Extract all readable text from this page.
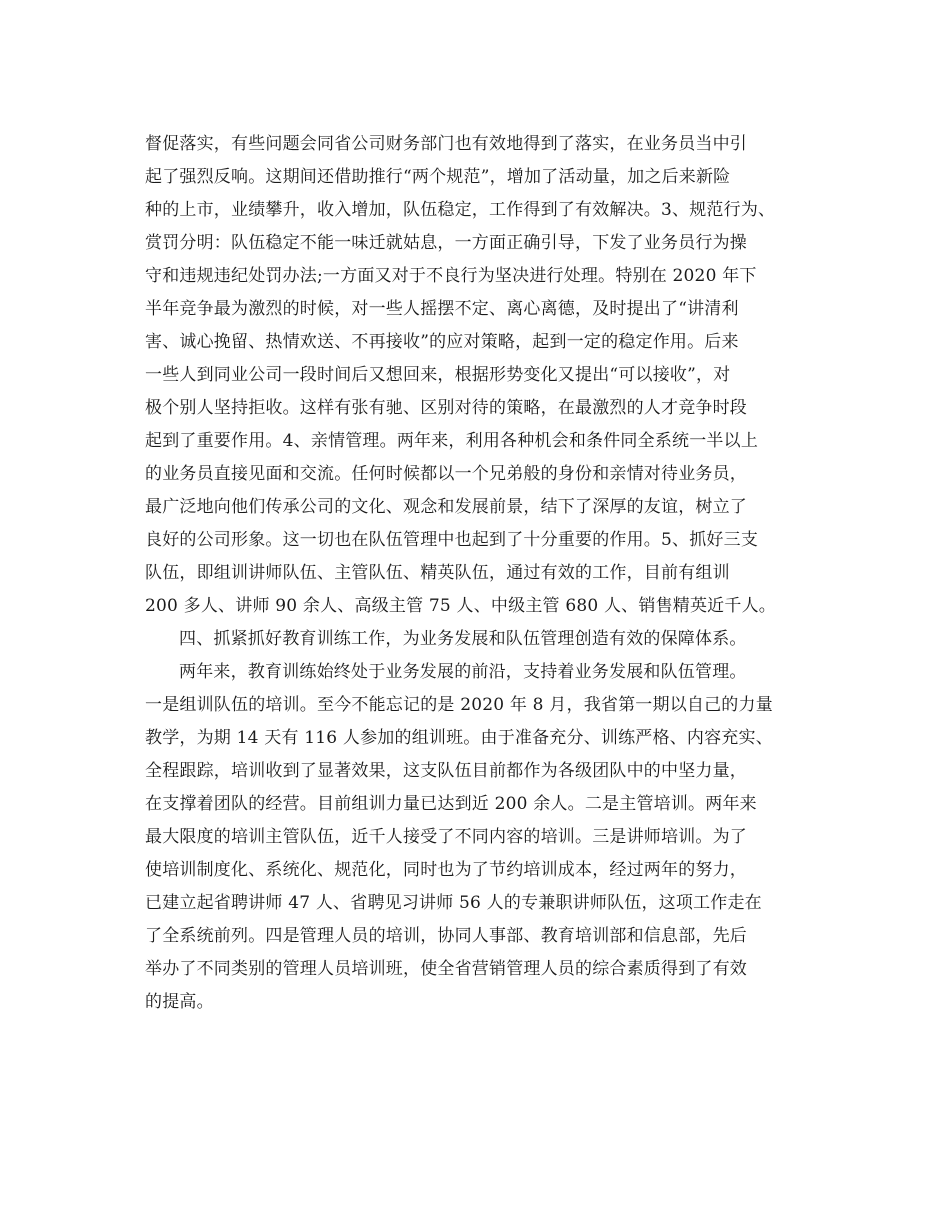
督促落实，有些问题会同省公司财务部门也有效地得到了落实，在业务员当中引
起了强烈反响。这期间还借助推行“两个规范”，增加了活动量，加之后来新险
种的上市，业绩攀升，收入增加，队伍稳定，工作得到了有效解决。3、规范行为、
赏罚分明：队伍稳定不能一味迁就姑息，一方面正确引导，下发了业务员行为操
守和违规违纪处罚办法;一方面又对于不良行为坚决进行处理。特别在 2020 年下
半年竞争最为激烈的时候，对一些人摇摆不定、离心离德，及时提出了“讲清利
害、诚心挽留、热情欢送、不再接收”的应对策略，起到一定的稳定作用。后来
一些人到同业公司一段时间后又想回来，根据形势变化又提出“可以接收”，对
极个别人坚持拒收。这样有张有驰、区别对待的策略，在最激烈的人才竞争时段
起到了重要作用。4、亲情管理。两年来，利用各种机会和条件同全系统一半以上
的业务员直接见面和交流。任何时候都以一个兄弟般的身份和亲情对待业务员，
最广泛地向他们传承公司的文化、观念和发展前景，结下了深厚的友谊，树立了
良好的公司形象。这一切也在队伍管理中也起到了十分重要的作用。5、抓好三支
队伍，即组训讲师队伍、主管队伍、精英队伍，通过有效的工作，目前有组训
200 多人、讲师 90 余人、高级主管 75 人、中级主管 680 人、销售精英近千人。
四、抓紧抓好教育训练工作，为业务发展和队伍管理创造有效的保障体系。
两年来，教育训练始终处于业务发展的前沿，支持着业务发展和队伍管理。
一是组训队伍的培训。至今不能忘记的是 2020 年 8 月，我省第一期以自己的力量
教学，为期 14 天有 116 人参加的组训班。由于准备充分、训练严格、内容充实、
全程跟踪，培训收到了显著效果，这支队伍目前都作为各级团队中的中坚力量，
在支撑着团队的经营。目前组训力量已达到近 200 余人。二是主管培训。两年来
最大限度的培训主管队伍，近千人接受了不同内容的培训。三是讲师培训。为了
使培训制度化、系统化、规范化，同时也为了节约培训成本，经过两年的努力，
已建立起省聘讲师 47 人、省聘见习讲师 56 人的专兼职讲师队伍，这项工作走在
了全系统前列。四是管理人员的培训，协同人事部、教育培训部和信息部，先后
举办了不同类别的管理人员培训班，使全省营销管理人员的综合素质得到了有效
的提高。
